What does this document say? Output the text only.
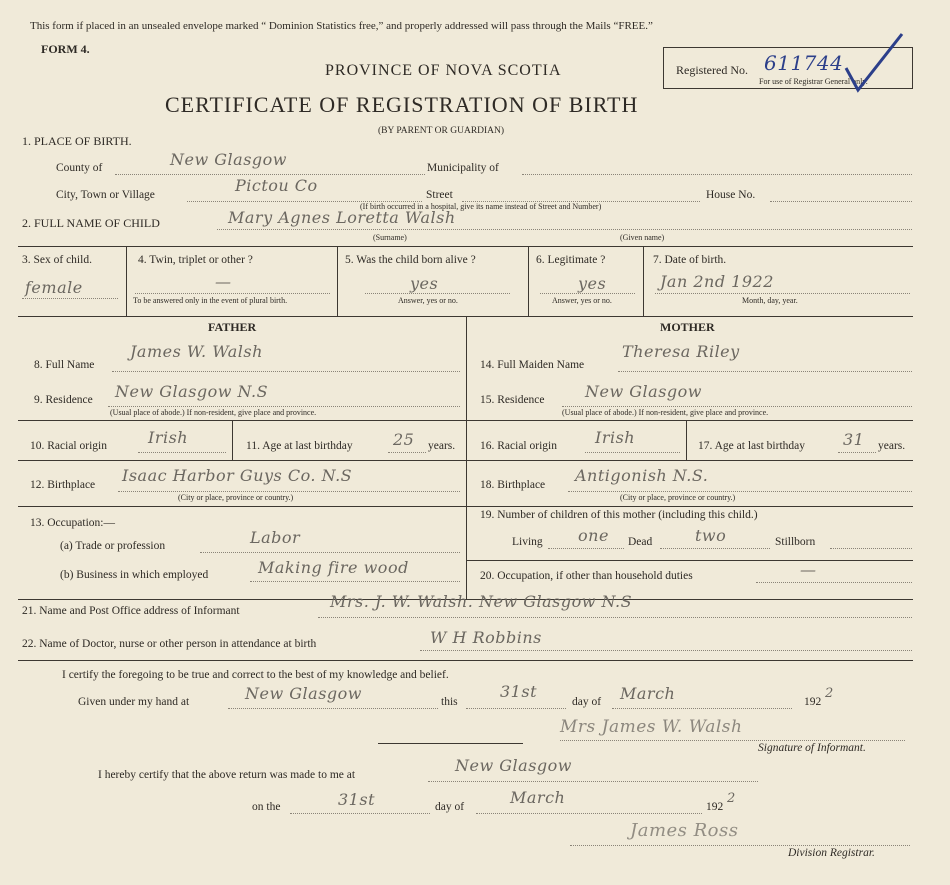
This form if placed in an unsealed envelope marked “ Dominion Statistics free,” and properly addressed will pass through the Mails “FREE.”
FORM 4.
PROVINCE OF NOVA SCOTIA
CERTIFICATE OF REGISTRATION OF BIRTH
(BY PARENT OR GUARDIAN)
Registered No. 611744
For use of Registrar General only.
1. PLACE OF BIRTH.
County of	New Glasgow	Municipality of
City, Town or Village	Pictou Co	Street
(If birth occurred in a hospital, give its name instead of Street and Number)
House No.
2. FULL NAME OF CHILD	Mary Agnes Loretta Walsh
(Surname)	(Given name)
3. Sex of child.
female
4. Twin, triplet or other ?
—
To be answered only in the event of plural birth.
5. Was the child born alive ?
yes
Answer, yes or no.
6. Legitimate ?
yes
Answer, yes or no.
7. Date of birth.
Jan 2nd 1922
Month, day, year.
FATHER	MOTHER
8. Full Name
James W. Walsh
9. Residence New Glasgow N.S
(Usual place of abode.) If non-resident, give place and province.
10. Racial origin	Irish	11. Age at last birthday	25 years.
12. Birthplace Isaac Harbor Guys Co. N.S
(City or place, province or country.)
13. Occupation:—
(a) Trade or profession	Labor
(b) Business in which employed	Making fire wood
14. Full Maiden Name
Theresa Riley
15. Residence	New Glasgow
(Usual place of abode.) If non-resident, give place and province.
16. Racial origin Irish	17. Age at last birthday 31 years.
18. Birthplace Antigonish N.S.
(City or place, province or country.)
19. Number of children of this mother (including this child.)
Living one Dead	two	Stillborn
20. Occupation, if other than household duties	—
21. Name and Post Office address of Informant	Mrs. J. W. Walsh. New Glasgow N.S
22. Name of Doctor, nurse or other person in attendance at birth	W H Robbins
I certify the foregoing to be true and correct to the best of my knowledge and belief.
Given under my hand at	New Glasgow	this
31st
day of March	192
2
Mrs James W. Walsh
Signature of Informant.
I hereby certify that the above return was made to me at	New Glasgow
on the	31st	day of	March	192
2
James Ross
Division Registrar.
